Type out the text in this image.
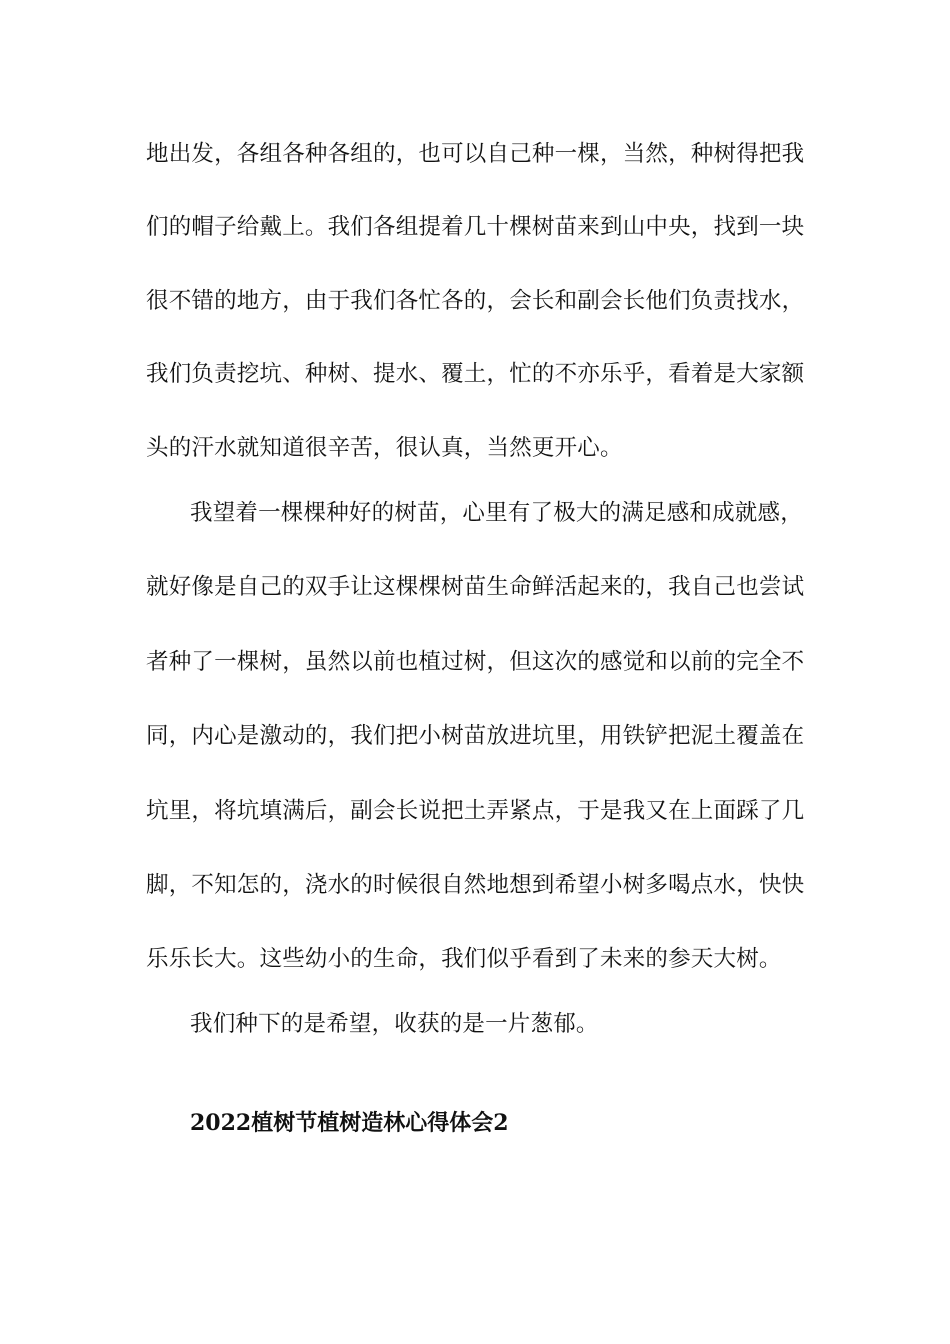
地出发，各组各种各组的，也可以自己种一棵，当然，种树得把我
们的帽子给戴上。我们各组提着几十棵树苗来到山中央，找到一块
很不错的地方，由于我们各忙各的，会长和副会长他们负责找水，
我们负责挖坑、种树、提水、覆土，忙的不亦乐乎，看着是大家额
头的汗水就知道很辛苦，很认真，当然更开心。
我望着一棵棵种好的树苗，心里有了极大的满足感和成就感，
就好像是自己的双手让这棵棵树苗生命鲜活起来的，我自己也尝试
者种了一棵树，虽然以前也植过树，但这次的感觉和以前的完全不
同，内心是激动的，我们把小树苗放进坑里，用铁铲把泥土覆盖在
坑里，将坑填满后，副会长说把土弄紧点，于是我又在上面踩了几
脚，不知怎的，浇水的时候很自然地想到希望小树多喝点水，快快
乐乐长大。这些幼小的生命，我们似乎看到了未来的参天大树。
我们种下的是希望，收获的是一片葱郁。
2022植树节植树造林心得体会2
